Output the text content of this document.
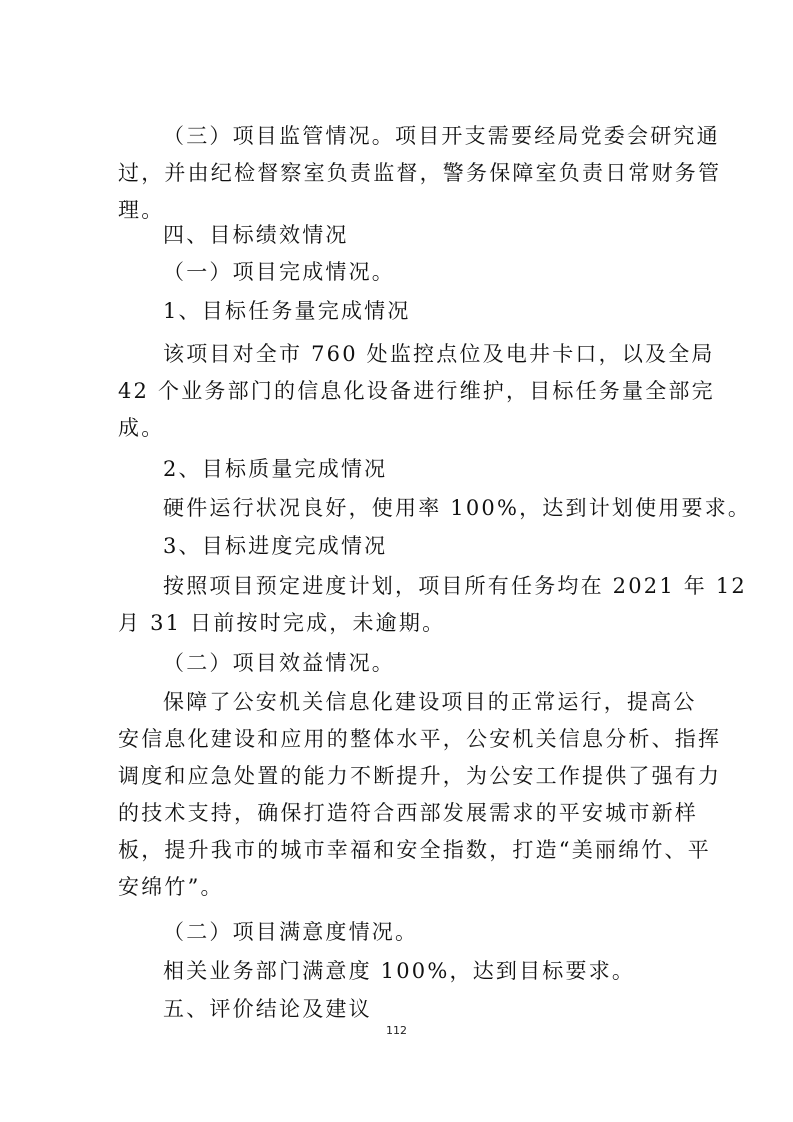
（三）项目监管情况。项目开支需要经局党委会研究通
过，并由纪检督察室负责监督，警务保障室负责日常财务管
理。
四、目标绩效情况
（一）项目完成情况。
1、目标任务量完成情况
该项目对全市 760 处监控点位及电井卡口，以及全局
42 个业务部门的信息化设备进行维护，目标任务量全部完
成。
2、目标质量完成情况
硬件运行状况良好，使用率 100%，达到计划使用要求。
3、目标进度完成情况
按照项目预定进度计划，项目所有任务均在 2021 年 12
月 31 日前按时完成，未逾期。
（二）项目效益情况。
保障了公安机关信息化建设项目的正常运行，提高公
安信息化建设和应用的整体水平，公安机关信息分析、指挥
调度和应急处置的能力不断提升，为公安工作提供了强有力
的技术支持，确保打造符合西部发展需求的平安城市新样
板，提升我市的城市幸福和安全指数，打造“美丽绵竹、平
安绵竹”。
（二）项目满意度情况。
相关业务部门满意度 100%，达到目标要求。
五、评价结论及建议
112
